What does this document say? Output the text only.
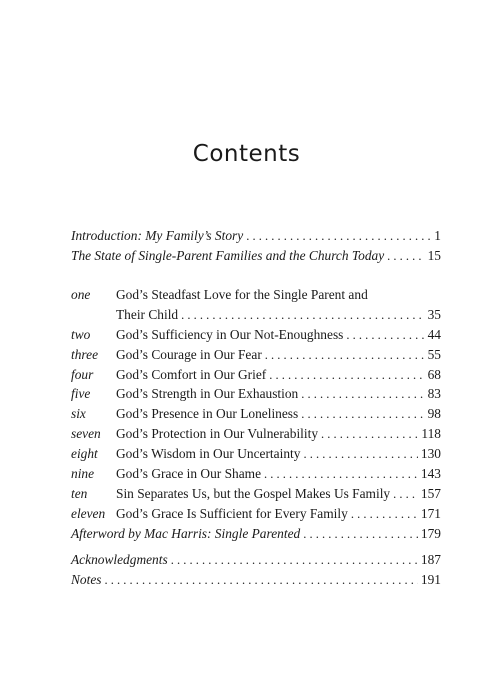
Contents
Introduction: My Family’s Story . . .	1
The State of Single-Parent Families and the Church Today . . .	15
one	God’s Steadfast Love for the Single Parent and
Their Child . . .	35
two	God’s Sufficiency in Our Not-Enoughness . . .	44
three	God’s Courage in Our Fear . . .	55
four	God’s Comfort in Our Grief . . .	68
five	God’s Strength in Our Exhaustion . . .	83
six	God’s Presence in Our Loneliness . . .	98
seven	God’s Protection in Our Vulnerability . . .	118
eight	God’s Wisdom in Our Uncertainty . . .	130
nine	God’s Grace in Our Shame . . .	143
ten	Sin Separates Us, but the Gospel Makes Us Family . . . 157
eleven God’s Grace Is Sufficient for Every Family . . .	171
Afterword by Mac Harris: Single Parented . . .	179
Acknowledgments . . .	187
Notes . . .	191
